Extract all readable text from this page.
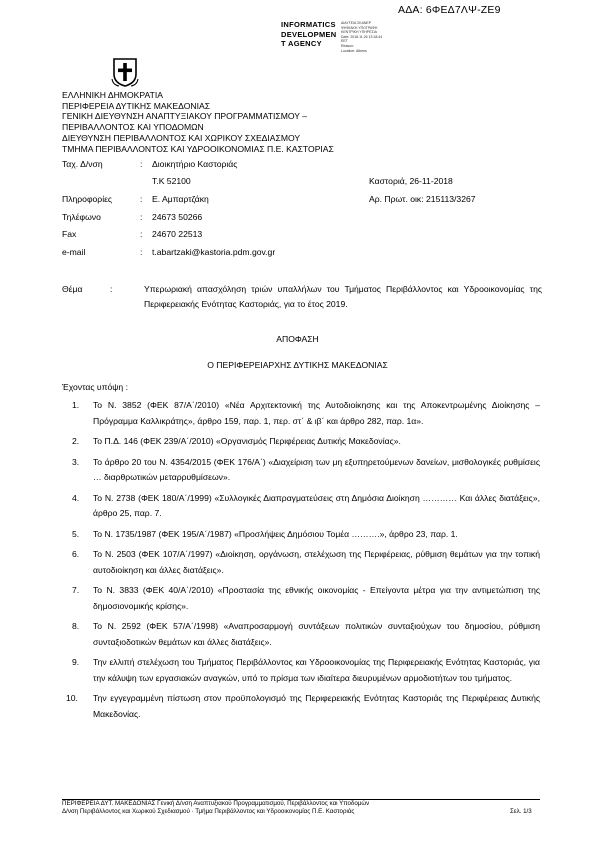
ΑΔΑ: 6ΦΕΔ7ΛΨ-ΖΕ9
INFORMATICS
DEVELOPMEN
T AGENCY
ΔΙΑΥΓΕΙΑ ΣΚΑΝΕΡ
ΨΗΦΙΑΚΗ ΥΠΟΓΡΑΦΗ
ΚΕΝΤΡΙΚΗ ΥΠΗΡΕΣΙΑ
Date: 2018.11.26 13:18:44
EET
Reason:
Location: Athens
ΕΛΛΗΝΙΚΗ ΔΗΜΟΚΡΑΤΙΑ
ΠΕΡΙΦΕΡΕΙΑ ΔΥΤΙΚΗΣ ΜΑΚΕΔΟΝΙΑΣ
ΓΕΝΙΚΗ ΔΙΕΥΘΥΝΣΗ ΑΝΑΠΤΥΞΙΑΚΟΥ ΠΡΟΓΡΑΜΜΑΤΙΣΜΟΥ –
ΠΕΡΙΒΑΛΛΟΝΤΟΣ ΚΑΙ ΥΠΟΔΟΜΩΝ
ΔΙΕΥΘΥΝΣΗ ΠΕΡΙΒΑΛΛΟΝΤΟΣ ΚΑΙ ΧΩΡΙΚΟΥ ΣΧΕΔΙΑΣΜΟΥ
ΤΜΗΜΑ ΠΕΡΙΒΑΛΛΟΝΤΟΣ ΚΑΙ ΥΔΡΟΟΙΚΟΝΟΜΙΑΣ Π.Ε. ΚΑΣΤΟΡΙΑΣ
Ταχ. Δ/νση	: Διοικητήριο Καστοριάς
Τ.Κ 52100	Καστοριά, 26-11-2018
Πληροφορίες	: Ε. Αμπαρτζάκη	Αρ. Πρωτ. οικ: 215113/3267
Τηλέφωνο	: 24673 50266
Fax	: 24670 22513
e-mail	: t.abartzaki@kastoria.pdm.gov.gr
Θέμα	:	Υπερωριακή απασχόληση τριών υπαλλήλων του Τμήματος Περιβάλλοντος και Υδροοικονομίας της Περιφερειακής Ενότητας Καστοριάς, για το έτος 2019.
ΑΠΟΦΑΣΗ
Ο ΠΕΡΙΦΕΡΕΙΑΡΧΗΣ ΔΥΤΙΚΗΣ ΜΑΚΕΔΟΝΙΑΣ
Έχοντας υπόψη :
1. Το Ν. 3852 (ΦΕΚ 87/Α΄/2010) «Νέα Αρχιτεκτονική της Αυτοδιοίκησης και της Αποκεντρωμένης Διοίκησης – Πρόγραμμα Καλλικράτης», άρθρο 159, παρ. 1, περ. στ΄ & ιβ΄ και άρθρο 282, παρ. 1α».
2. Το Π.Δ. 146 (ΦΕΚ 239/Α΄/2010) «Οργανισμός Περιφέρειας Δυτικής Μακεδονίας».
3. Το άρθρο 20 του Ν. 4354/2015 (ΦΕΚ 176/Α΄) «Διαχείριση των μη εξυπηρετούμενων δανείων, μισθολογικές ρυθμίσεις … διαρθρωτικών μεταρρυθμίσεων».
4. Το Ν. 2738 (ΦΕΚ 180/Α΄/1999) «Συλλογικές Διαπραγματεύσεις στη Δημόσια Διοίκηση ………… Και άλλες διατάξεις», άρθρο 25, παρ. 7.
5. Το Ν. 1735/1987 (ΦΕΚ 195/Α΄/1987) «Προσλήψεις Δημόσιου Τομέα ……….», άρθρο 23, παρ. 1.
6. Το Ν. 2503 (ΦΕΚ 107/Α΄/1997) «Διοίκηση, οργάνωση, στελέχωση της Περιφέρειας, ρύθμιση θεμάτων για την τοπική αυτοδιοίκηση και άλλες διατάξεις».
7. Το Ν. 3833 (ΦΕΚ 40/Α΄/2010) «Προστασία της εθνικής οικονομίας - Επείγοντα μέτρα για την αντιμετώπιση της δημοσιονομικής κρίσης».
8. Το Ν. 2592 (ΦΕΚ 57/Α΄/1998) «Αναπροσαρμογή συντάξεων πολιτικών συνταξιούχων του δημοσίου, ρύθμιση συνταξιοδοτικών θεμάτων και άλλες διατάξεις».
9. Την ελλιπή στελέχωση του Τμήματος Περιβάλλοντος και Υδροοικονομίας της Περιφερειακής Ενότητας Καστοριάς, για την κάλυψη των εργασιακών αναγκών, υπό το πρίσμα των ιδιαίτερα διευρυμένων αρμοδιοτήτων του τμήματος.
10. Την εγγεγραμμένη πίστωση στον προϋπολογισμό της Περιφερειακής Ενότητας Καστοριάς της Περιφέρειας Δυτικής Μακεδονίας.
ΠΕΡΙΦΕΡΕΙΑ ΔΥΤ. ΜΑΚΕΔΟΝΙΑΣ Γενική Δ/νση Αναπτυξιακού Προγραμματισμού, Περιβάλλοντος και Υποδομών
Δ/νση Περιβάλλοντος και Χωρικού Σχεδιασμού · Τμήμα Περιβάλλοντος και Υδροοικονομίας Π.Ε. Καστοριάς	Σελ. 1/3
